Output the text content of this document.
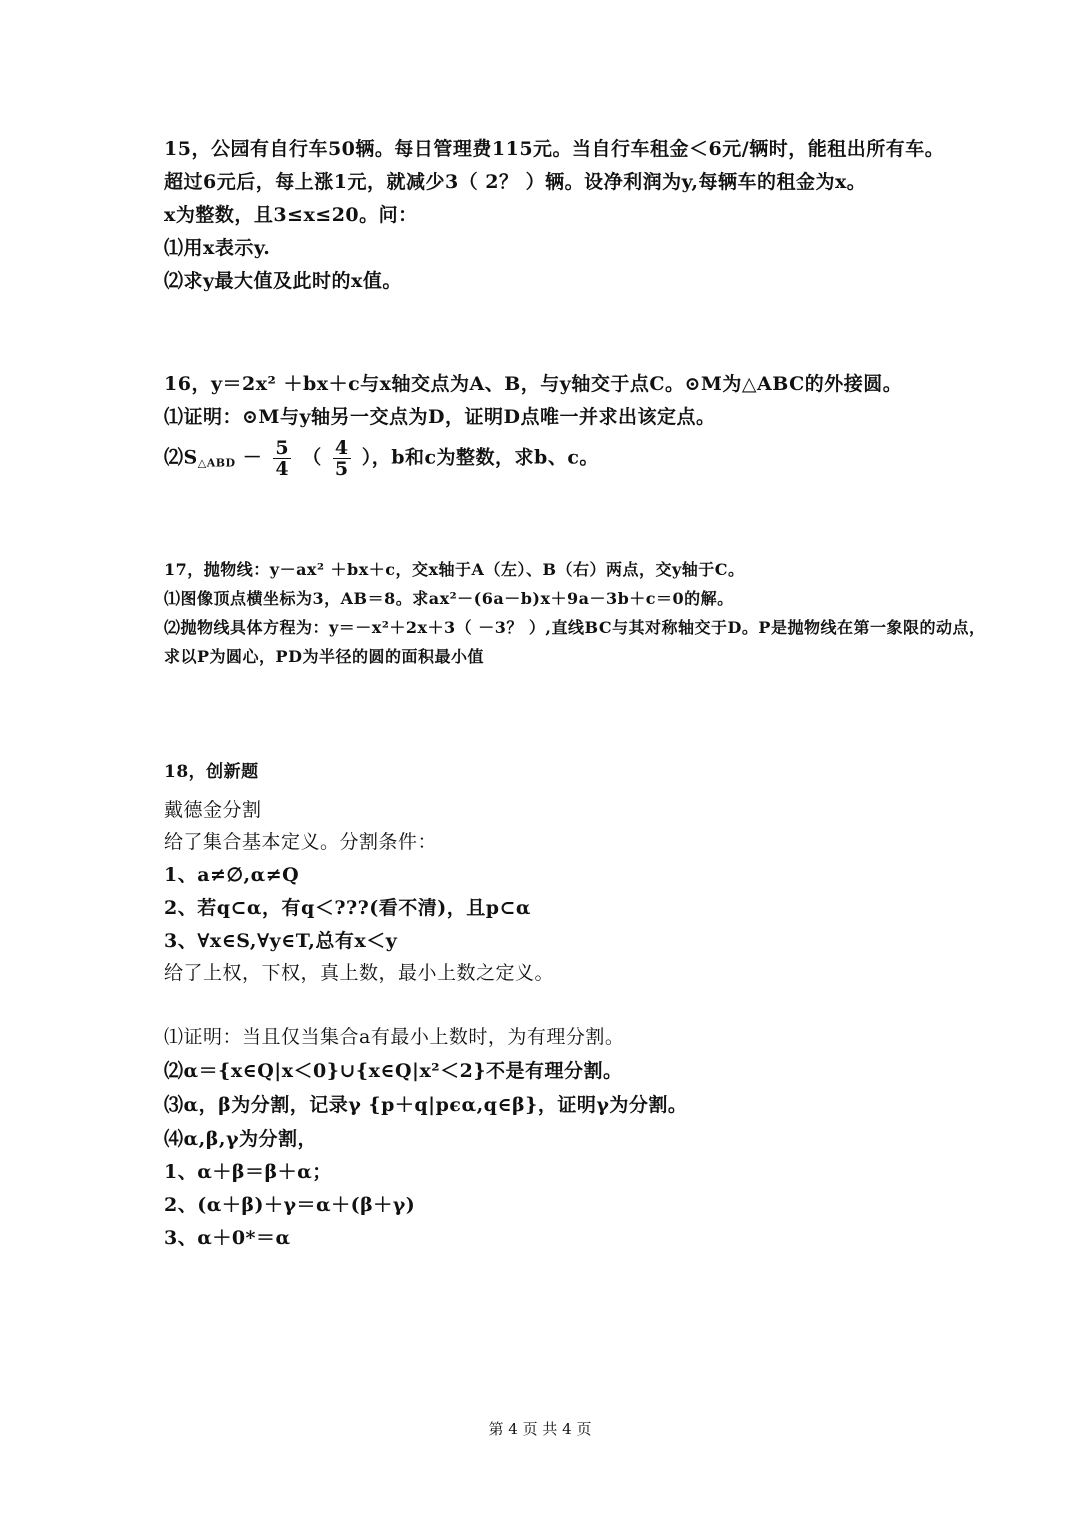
15，公园有自行车50辆。每日管理费115元。当自行车租金＜6元/辆时，能租出所有车。
超过6元后，每上涨1元，就减少3（ 2？ ）辆。设净利润为y,每辆车的租金为x。
x为整数，且3≤x≤20。问：
⑴用x表示y.
⑵求y最大值及此时的x值。
16，y＝2x² ＋bx＋c与x轴交点为A、B，与y轴交于点C。⊙M为△ABC的外接圆。
⑴证明：⊙M与y轴另一交点为D，证明D点唯一并求出该定点。
$⑵S_{\triangle ABD} - \frac{5}{4}$ （ $\frac{4}{5}$ ），b和c为整数，求b、c。
17，抛物线：y－ax² ＋bx＋c，交x轴于A（左）、B（右）两点，交y轴于C。
⑴图像顶点横坐标为3，AB＝8。求ax²－(6a－b)x＋9a－3b＋c＝0的解。
⑵抛物线具体方程为：y＝－x²＋2x＋3（ －3？ ）,直线BC与其对称轴交于D。P是抛物线在第一象限的动点，
求以P为圆心，PD为半径的圆的面积最小值
18，创新题
戴德金分割
给了集合基本定义。分割条件：
1、a≠∅,α≠Q
2、若q⊂α，有q＜???(看不清)，且p⊂α
3、∀x∈S,∀y∈T,总有x＜y
给了上权，下权，真上数，最小上数之定义。
⑴证明：当且仅当集合a有最小上数时，为有理分割。
⑵α＝{x∈Q|x＜0}∪{x∈Q|x²＜2}不是有理分割。
⑶α，β为分割，记录γ {p＋q|pєα,q∈β}，证明γ为分割。
⑷α,β,γ为分割，
1、α＋β＝β＋α；
2、(α＋β)＋γ＝α＋(β＋γ)
3、α＋0*＝α
第 4 页 共 4 页
